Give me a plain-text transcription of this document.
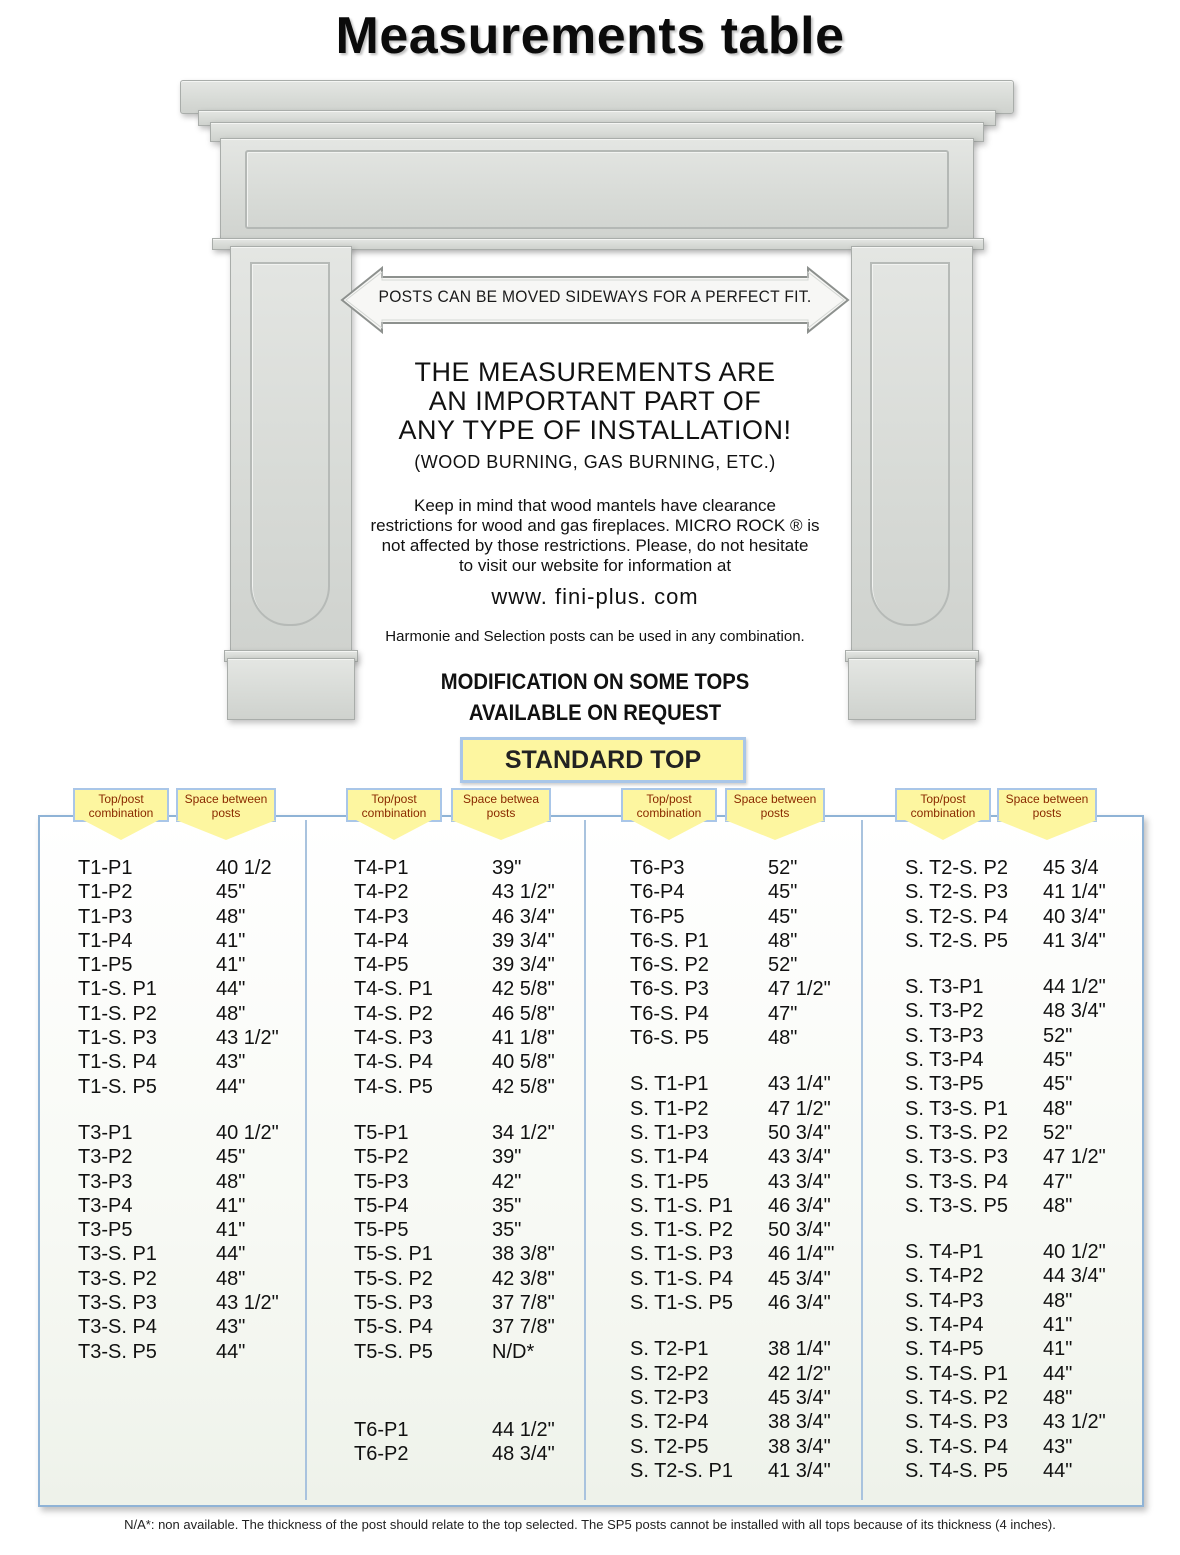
Measurements table
POSTS CAN BE MOVED SIDEWAYS FOR A PERFECT FIT.
THE MEASUREMENTS ARE
AN IMPORTANT PART OF
ANY TYPE OF INSTALLATION!
(WOOD BURNING, GAS BURNING, ETC.)
Keep in mind that wood mantels have clearance
restrictions for wood and gas fireplaces. MICRO ROCK ® is
not affected by those restrictions. Please, do not hesitate
to visit our website for information at
www. fini-plus. com
Harmonie and Selection posts can be used in any combination.
MODIFICATION ON SOME TOPS
AVAILABLE ON REQUEST
STANDARD TOP
Top/post combination
Space between posts
Top/post combination
Space betwea posts
Top/post combination
Space between posts
Top/post combination
Space between posts
T1-P1	40 1/2
T1-P2	45"
T1-P3	48"
T1-P4	41"
T1-P5	41"
T1-S. P1	44"
T1-S. P2	48"
T1-S. P3	43 1/2"
T1-S. P4	43"
T1-S. P5	44"
T3-P1	40 1/2"
T3-P2	45"
T3-P3	48"
T3-P4	41"
T3-P5	41"
T3-S. P1	44"
T3-S. P2	48"
T3-S. P3	43 1/2"
T3-S. P4	43"
T3-S. P5	44"
T4-P1	39"
T4-P2	43 1/2"
T4-P3	46 3/4"
T4-P4	39 3/4"
T4-P5	39 3/4"
T4-S. P1	42 5/8"
T4-S. P2	46 5/8"
T4-S. P3	41 1/8"
T4-S. P4	40 5/8"
T4-S. P5	42 5/8"
T5-P1	34 1/2"
T5-P2	39"
T5-P3	42"
T5-P4	35"
T5-P5	35"
T5-S. P1	38 3/8"
T5-S. P2	42 3/8"
T5-S. P3	37 7/8"
T5-S. P4	37 7/8"
T5-S. P5	N/D*
T6-P1	44 1/2"
T6-P2	48 3/4"
T6-P3	52"
T6-P4	45"
T6-P5	45"
T6-S. P1	48"
T6-S. P2	52"
T6-S. P3	47 1/2"
T6-S. P4	47"
T6-S. P5	48"
S. T1-P1	43 1/4"
S. T1-P2	47 1/2"
S. T1-P3	50 3/4"
S. T1-P4	43 3/4"
S. T1-P5	43 3/4"
S. T1-S. P1 46 3/4"
S. T1-S. P2 50 3/4"
S. T1-S. P3 46 1/4"'
S. T1-S. P4 45 3/4"
S. T1-S. P5 46 3/4"
S. T2-P1	38 1/4"
S. T2-P2	42 1/2"
S. T2-P3	45 3/4"
S. T2-P4	38 3/4"
S. T2-P5	38 3/4"
S. T2-S. P1 41 3/4"
S. T2-S. P2 45 3/4
S. T2-S. P3 41 1/4"
S. T2-S. P4 40 3/4"
S. T2-S. P5 41 3/4"
S. T3-P1	44 1/2"
S. T3-P2	48 3/4"
S. T3-P3	52"
S. T3-P4	45"
S. T3-P5	45"
S. T3-S. P1 48"
S. T3-S. P2 52"
S. T3-S. P3 47 1/2"
S. T3-S. P4 47"
S. T3-S. P5 48"
S. T4-P1	40 1/2"
S. T4-P2	44 3/4"
S. T4-P3	48"
S. T4-P4	41"
S. T4-P5	41"
S. T4-S. P1 44"
S. T4-S. P2 48"
S. T4-S. P3 43 1/2"
S. T4-S. P4 43"
S. T4-S. P5 44"
N/A*: non available. The thickness of the post should relate to the top selected. The SP5 posts cannot be installed with all tops because of its thickness (4 inches).
